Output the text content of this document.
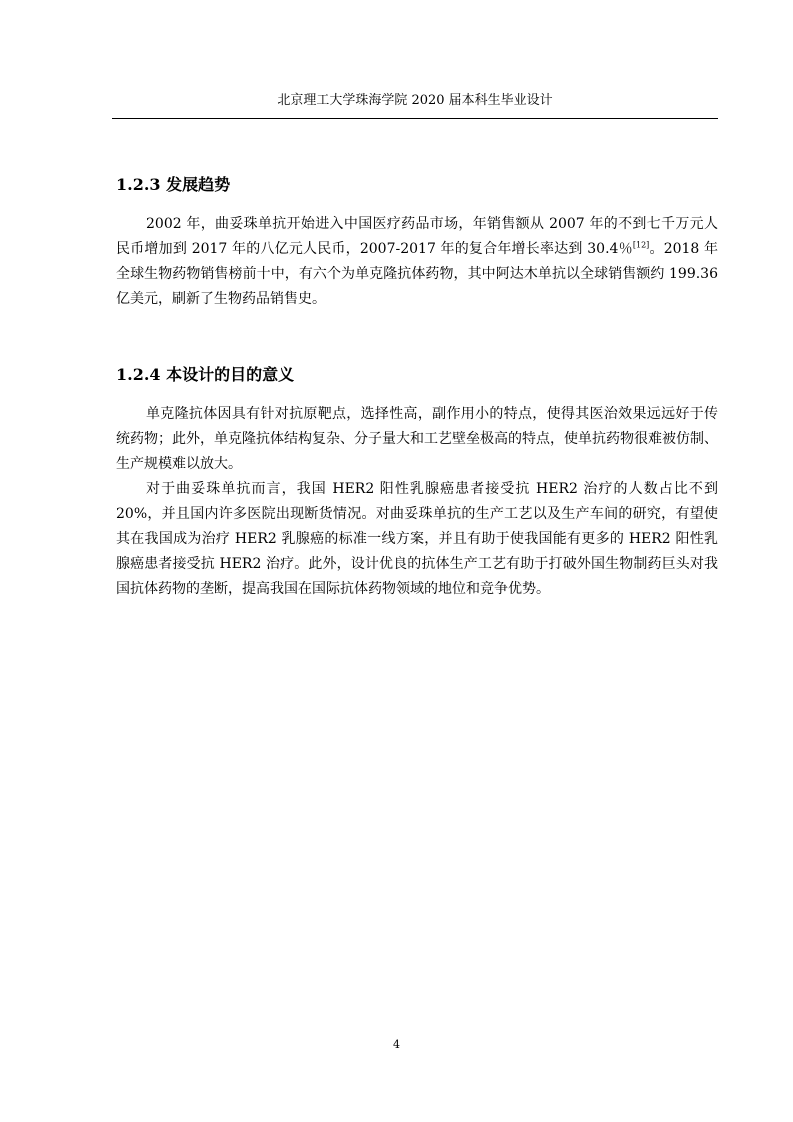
北京理工大学珠海学院 2020 届本科生毕业设计
1.2.3 发展趋势

2002 年，曲妥珠单抗开始进入中国医疗药品市场，年销售额从 2007 年的不到七千万元人民币增加到 2017 年的八亿元人民币，2007-2017 年的复合年增长率达到 30.4％[12]。2018 年全球生物药物销售榜前十中，有六个为单克隆抗体药物，其中阿达木单抗以全球销售额约 199.36 亿美元，刷新了生物药品销售史。

1.2.4 本设计的目的意义

单克隆抗体因具有针对抗原靶点，选择性高，副作用小的特点，使得其医治效果远远好于传统药物；此外，单克隆抗体结构复杂、分子量大和工艺壁垒极高的特点，使单抗药物很难被仿制、生产规模难以放大。

对于曲妥珠单抗而言，我国 HER2 阳性乳腺癌患者接受抗 HER2 治疗的人数占比不到 20%，并且国内许多医院出现断货情况。对曲妥珠单抗的生产工艺以及生产车间的研究，有望使其在我国成为治疗 HER2 乳腺癌的标准一线方案，并且有助于使我国能有更多的 HER2 阳性乳腺癌患者接受抗 HER2 治疗。此外，设计优良的抗体生产工艺有助于打破外国生物制药巨头对我国抗体药物的垄断，提高我国在国际抗体药物领域的地位和竞争优势。

4
